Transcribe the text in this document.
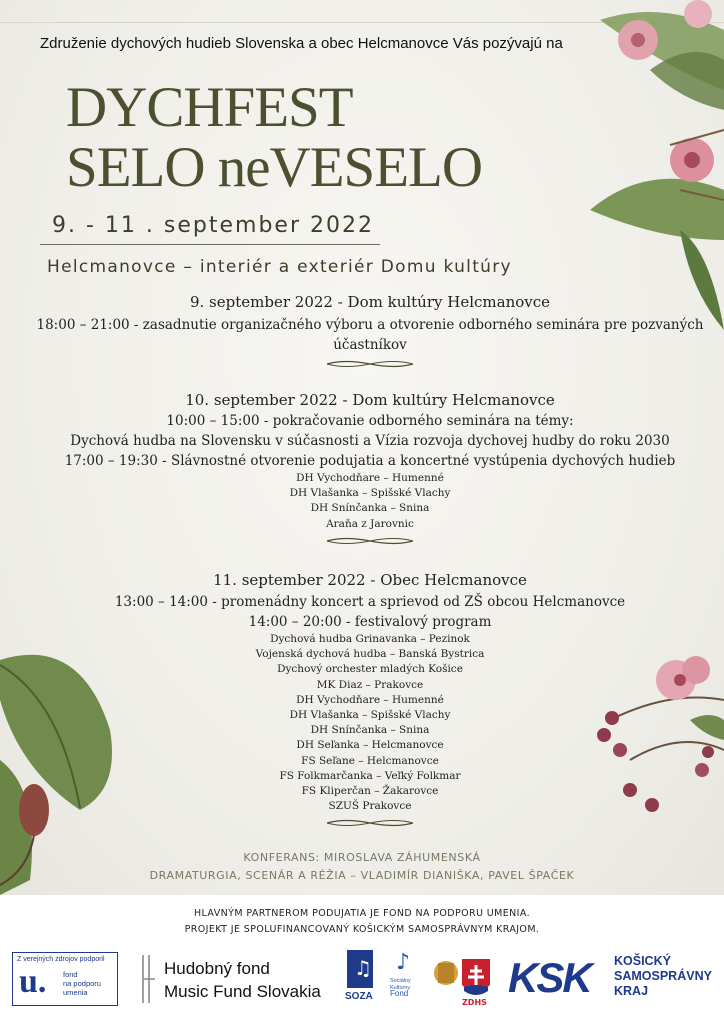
Združenie dychových hudieb Slovenska a obec Helcmanovce Vás pozývajú na
DYCHFEST
SELO neVESELO
9. - 11 . september 2022
Helcmanovce – interiér a exteriér Domu kultúry
9. september 2022 - Dom kultúry Helcmanovce
18:00 – 21:00 - zasadnutie organizačného výboru a otvorenie odborného seminára pre pozvaných
účastníkov
10. september 2022 - Dom kultúry Helcmanovce
10:00 – 15:00 - pokračovanie odborného seminára na témy:
Dychová hudba na Slovensku v súčasnosti a Vízia rozvoja dychovej hudby do roku 2030
17:00 – 19:30 - Slávnostné otvorenie podujatia a koncertné vystúpenia dychových hudieb
DH Vychodňare – Humenné
DH Vlašanka – Spišské Vlachy
DH Snínčanka – Snina
Araňa z Jarovnic
11. september 2022 - Obec Helcmanovce
13:00 – 14:00 - promenádny koncert a sprievod od ZŠ obcou Helcmanovce
14:00 – 20:00 - festivalový program
Dychová hudba Grinavanka – Pezinok
Vojenská dychová hudba – Banská Bystrica
Dychový orchester mladých Košice
MK Diaz – Prakovce
DH Vychodňare – Humenné
DH Vlašanka – Spišské Vlachy
DH Snínčanka – Snina
DH Seľanka – Helcmanovce
FS Seľane – Helcmanovce
FS Folkmarčanka – Veľký Folkmar
FS Kliperčan – Žakarovce
SZUŠ Prakovce
KONFERANS: MIROSLAVA ZÁHUMENSKÁ
DRAMATURGIA, SCENÁR A RÉŽIA – VLADIMÍR DIANIŠKA, PAVEL ŠPAČEK
HLAVNÝM PARTNEROM PODUJATIA JE FOND NA PODPORU UMENIA.
PROJEKT JE SPOLUFINANCOVANÝ KOŠICKÝM SAMOSPRÁVNYM KRAJOM.
Z verejných zdrojov podporil
u. fond
na podporu
umenia
Hudobný fond
Music Fund Slovakia
♫
SOZA
♪
Sociálny
Kultúrny
Fond
ZDHS
KSK KOŠICKÝ
SAMOSPRÁVNY
KRAJ
